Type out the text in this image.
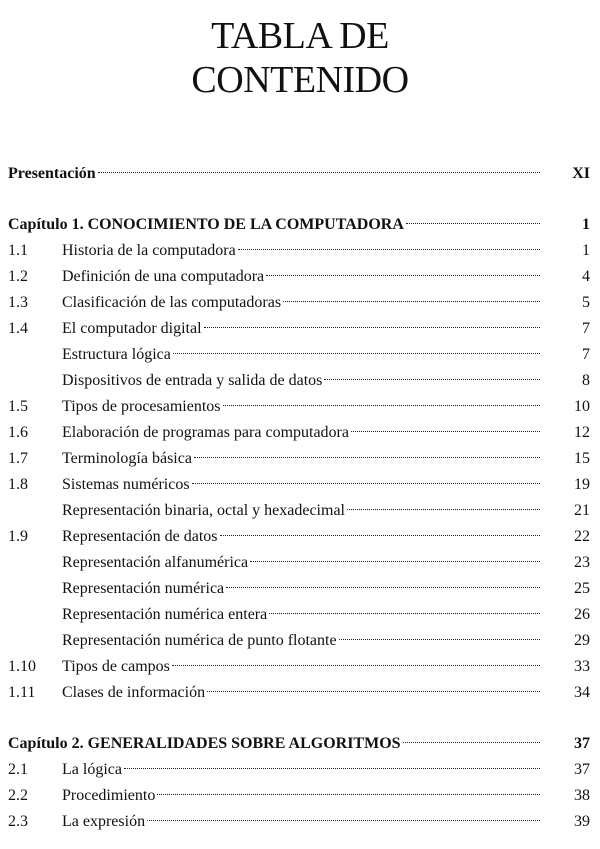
TABLA DE
CONTENIDO
Presentación	XI
Capítulo 1. CONOCIMIENTO DE LA COMPUTADORA	1
1.1	Historia de la computadora	1
1.2	Definición de una computadora	4
1.3	Clasificación de las computadoras	5
1.4	El computador digital	7
Estructura lógica	7
Dispositivos de entrada y salida de datos	8
1.5	Tipos de procesamientos	10
1.6	Elaboración de programas para computadora	12
1.7	Terminología básica	15
1.8	Sistemas numéricos	19
Representación binaria, octal y hexadecimal	21
1.9	Representación de datos	22
Representación alfanumérica	23
Representación numérica	25
Representación numérica entera	26
Representación numérica de punto flotante	29
1.10	Tipos de campos	33
1.11	Clases de información	34
Capítulo 2. GENERALIDADES SOBRE ALGORITMOS	37
2.1	La lógica	37
2.2	Procedimiento	38
2.3	La expresión	39
